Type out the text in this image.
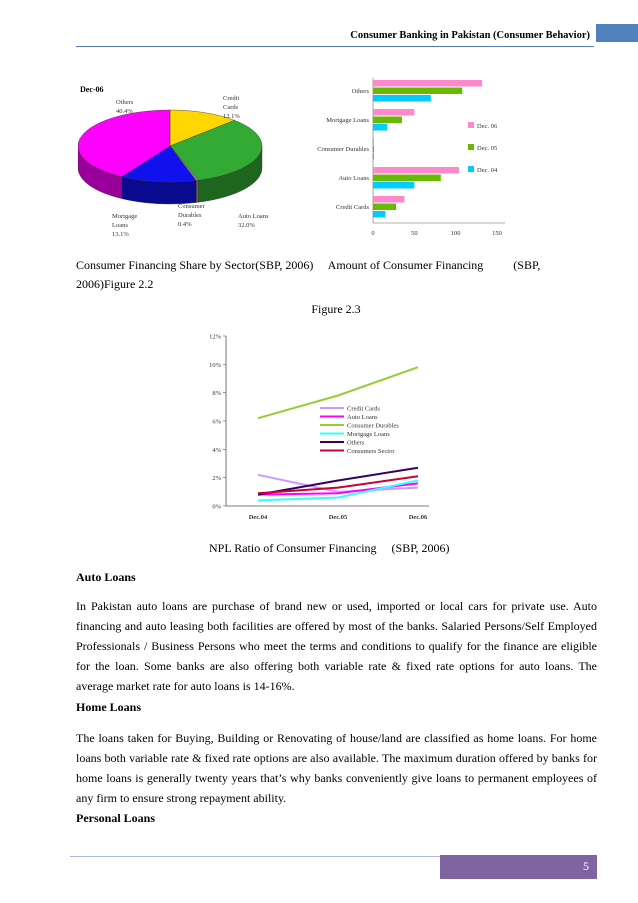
Consumer Banking in Pakistan (Consumer Behavior)
Dec-06
Others
40.4%
Credit
Cards
12.1%
Auto Loans
32.0%
Consumer
Durables
0.4%
Mortgage
Loans
13.1%
Others
Mortgage Loans
Consumer Durables
Auto Loans
Credit Cards
0	50	100	150
Dec. 06
Dec. 05
Dec. 04
Consumer Financing Share by Sector(SBP, 2006)     Amount of Consumer Financing          (SBP,
2006)Figure 2.2
Figure 2.3
0%
2%
4%
6%
8%
10%
12%
Dec.04	Dec.05	Dec.06
Credit Cards
Auto Loans
Consumer Durables
Mortgage Loans
Others
Consumers Sector
NPL Ratio of Consumer Financing     (SBP, 2006)
Auto Loans
In Pakistan auto loans are purchase of brand new or used, imported or local cars for private use. Auto financing and auto leasing both facilities are offered by most of the banks. Salaried Persons/Self Employed Professionals / Business Persons who meet the terms and conditions to qualify for the finance are eligible for the loan. Some banks are also offering both variable rate & fixed rate options for auto loans. The average market rate for auto loans is 14-16%.
Home Loans
The loans taken for Buying, Building or Renovating of house/land are classified as home loans. For home loans both variable rate & fixed rate options are also available. The maximum duration offered by banks for home loans is generally twenty years that’s why banks conveniently give loans to permanent employees of any firm to ensure strong repayment ability.
Personal Loans
5
